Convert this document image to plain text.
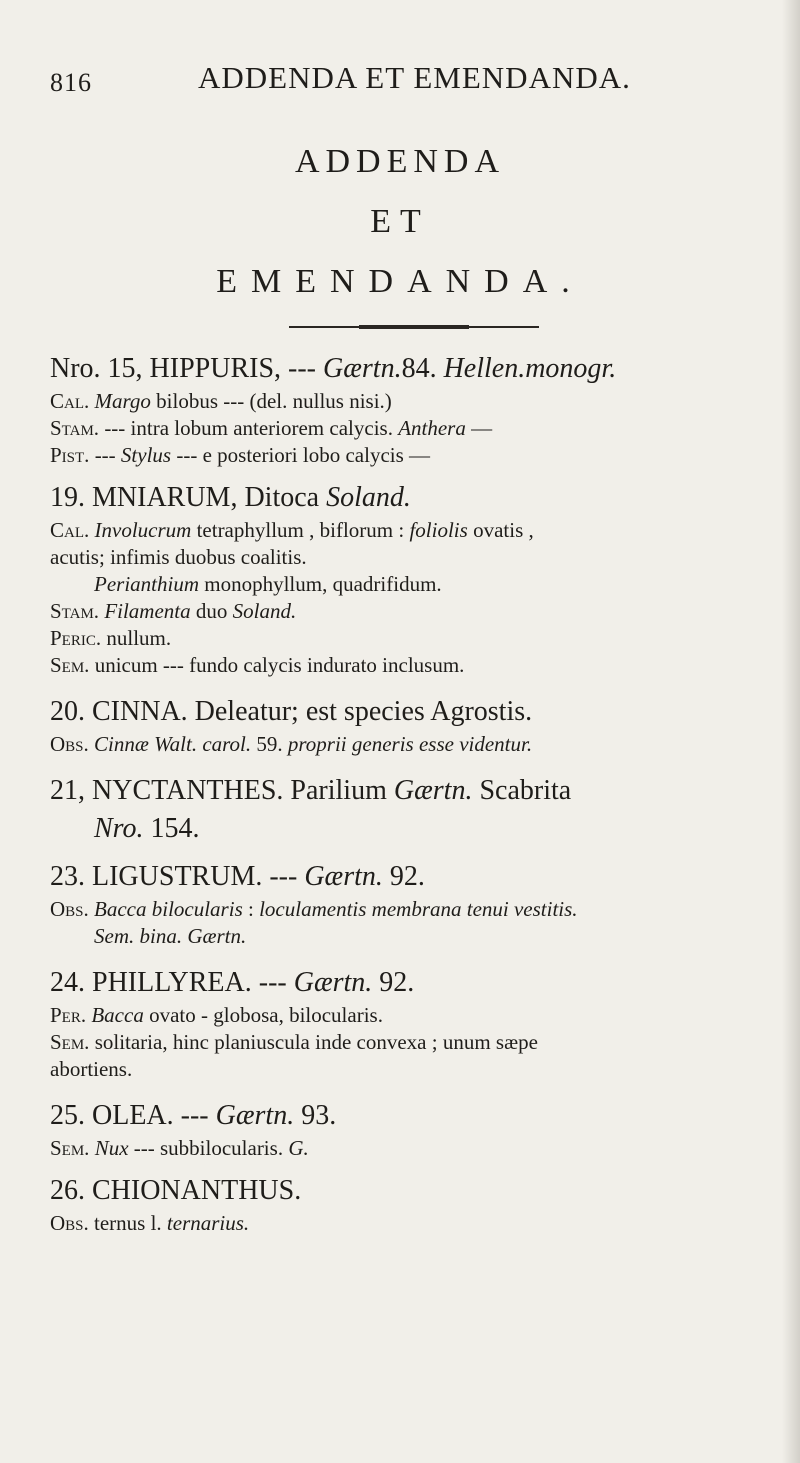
816	ADDENDA ET EMENDANDA.
ADDENDA
ET
EMENDANDA.

Nro. 15, HIPPURIS, --- Gærtn.84. Hellen.monogr.

Cal. Margo bilobus --- (del. nullus nisi.)

Stam. --- intra lobum anteriorem calycis. Anthera —

Pist. --- Stylus --- e posteriori lobo calycis —

19. MNIARUM, Ditoca Soland.

Cal. Involucrum tetraphyllum , biflorum : foliolis ovatis ,

acutis; infimis duobus coalitis.

Perianthium monophyllum, quadrifidum.

Stam. Filamenta duo Soland.

Peric. nullum.

Sem. unicum --- fundo calycis indurato inclusum.

20. CINNA. Deleatur; est species Agrostis.

Obs. Cinnæ Walt. carol. 59. proprii generis esse videntur.

21, NYCTANTHES. Parilium Gærtn. Scabrita

Nro. 154.

23. LIGUSTRUM. --- Gærtn. 92.

Obs. Bacca bilocularis : loculamentis membrana tenui vestitis.

Sem. bina. Gærtn.

24. PHILLYREA. --- Gærtn. 92.

Per. Bacca ovato - globosa, bilocularis.

Sem. solitaria, hinc planiuscula inde convexa ; unum sæpe

abortiens.

25. OLEA. --- Gærtn. 93.

Sem. Nux --- subbilocularis. G.

26. CHIONANTHUS.

Obs. ternus l. ternarius.
